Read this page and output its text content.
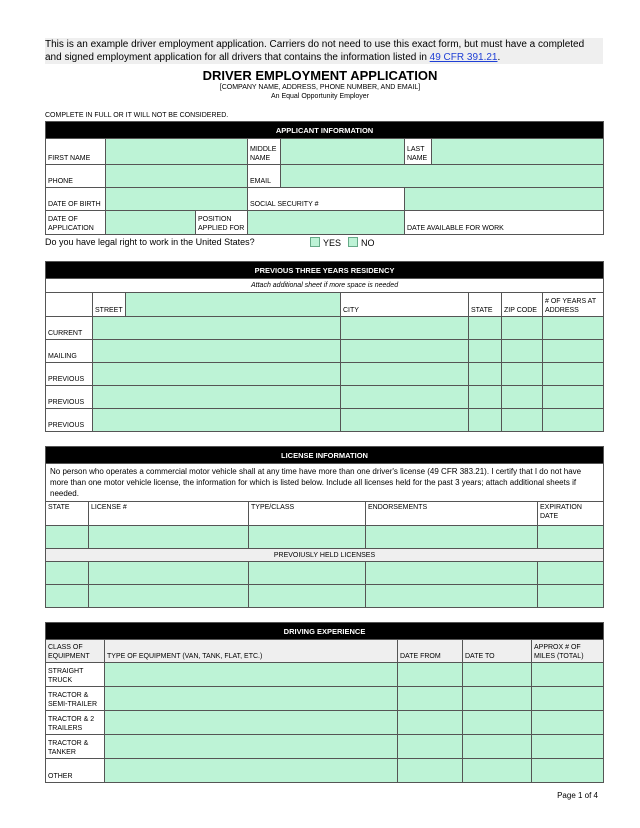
This is an example driver employment application. Carriers do not need to use this exact form, but must have a completed and signed employment application for all drivers that contains the information listed in 49 CFR 391.21.
DRIVER EMPLOYMENT APPLICATION
[COMPANY NAME, ADDRESS, PHONE NUMBER, AND EMAIL]
An Equal Opportunity Employer
COMPLETE IN FULL OR IT WILL NOT BE CONSIDERED.
APPLICANT INFORMATION						
FIRST NAME			MIDDLE NAME		LAST NAME	
PHONE			EMAIL			
DATE OF BIRTH			SOCIAL SECURITY #			
DATE OF APPLICATION		POSITION APPLIED FOR			DATE AVAILABLE FOR WORK	
Do you have legal right to work in the United States?	YES	NO
PREVIOUS THREE YEARS RESIDENCY						
Attach additional sheet if more space is needed						
	STREET		CITY	STATE	ZIP CODE	# OF YEARS AT ADDRESS
CURRENT						
MAILING						
PREVIOUS						
PREVIOUS						
PREVIOUS						
LICENSE INFORMATION				
No person who operates a commercial motor vehicle shall at any time have more than one driver's license (49 CFR 383.21). I certify that I do not have more than one motor vehicle license, the information for which is listed below. Include all licenses held for the past 3 years; attach additional sheets if needed.				
STATE	LICENSE #	TYPE/CLASS	ENDORSEMENTS	EXPIRATION DATE

PREVOIUSLY HELD LICENSES				

DRIVING EXPERIENCE				
CLASS OF EQUIPMENT	TYPE OF EQUIPMENT (VAN, TANK, FLAT, ETC.)	DATE FROM	DATE TO	APPROX # OF MILES (TOTAL)
STRAIGHT TRUCK				
TRACTOR & SEMI-TRAILER				
TRACTOR & 2 TRAILERS				
TRACTOR & TANKER				
OTHER				
Page 1 of 4
